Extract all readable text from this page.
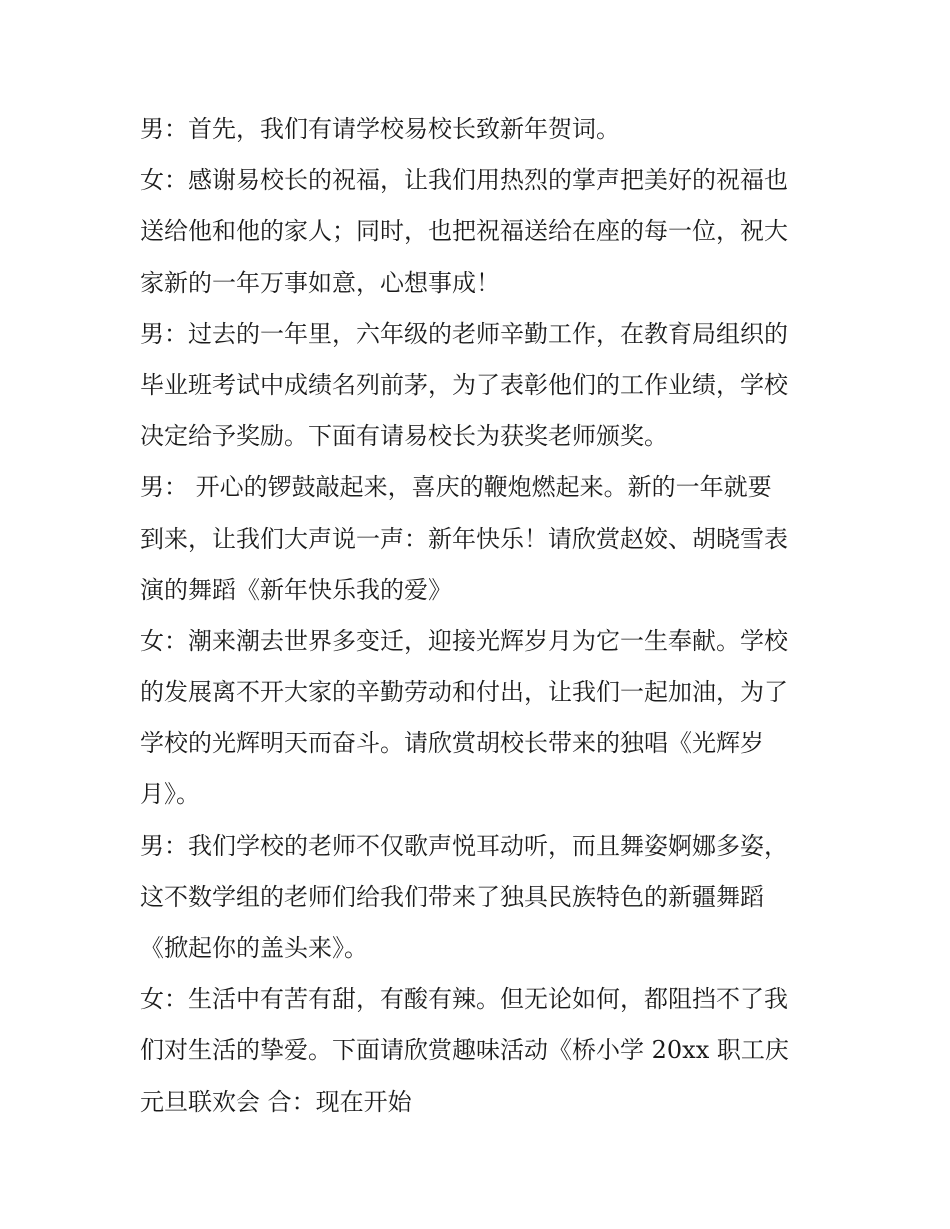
男：首先，我们有请学校易校长致新年贺词。
女：感谢易校长的祝福，让我们用热烈的掌声把美好的祝福也
送给他和他的家人；同时，也把祝福送给在座的每一位，祝大
家新的一年万事如意，心想事成！
男：过去的一年里，六年级的老师辛勤工作，在教育局组织的
毕业班考试中成绩名列前茅，为了表彰他们的工作业绩，学校
决定给予奖励。下面有请易校长为获奖老师颁奖。
男： 开心的锣鼓敲起来，喜庆的鞭炮燃起来。新的一年就要
到来，让我们大声说一声：新年快乐！请欣赏赵姣、胡晓雪表
演的舞蹈《新年快乐我的爱》
女：潮来潮去世界多变迁，迎接光辉岁月为它一生奉献。学校
的发展离不开大家的辛勤劳动和付出，让我们一起加油，为了
学校的光辉明天而奋斗。请欣赏胡校长带来的独唱《光辉岁
月》。
男：我们学校的老师不仅歌声悦耳动听，而且舞姿婀娜多姿，
这不数学组的老师们给我们带来了独具民族特色的新疆舞蹈
《掀起你的盖头来》。
女：生活中有苦有甜，有酸有辣。但无论如何，都阻挡不了我
们对生活的挚爱。下面请欣赏趣味活动《桥小学 20xx 职工庆
元旦联欢会 合：现在开始
